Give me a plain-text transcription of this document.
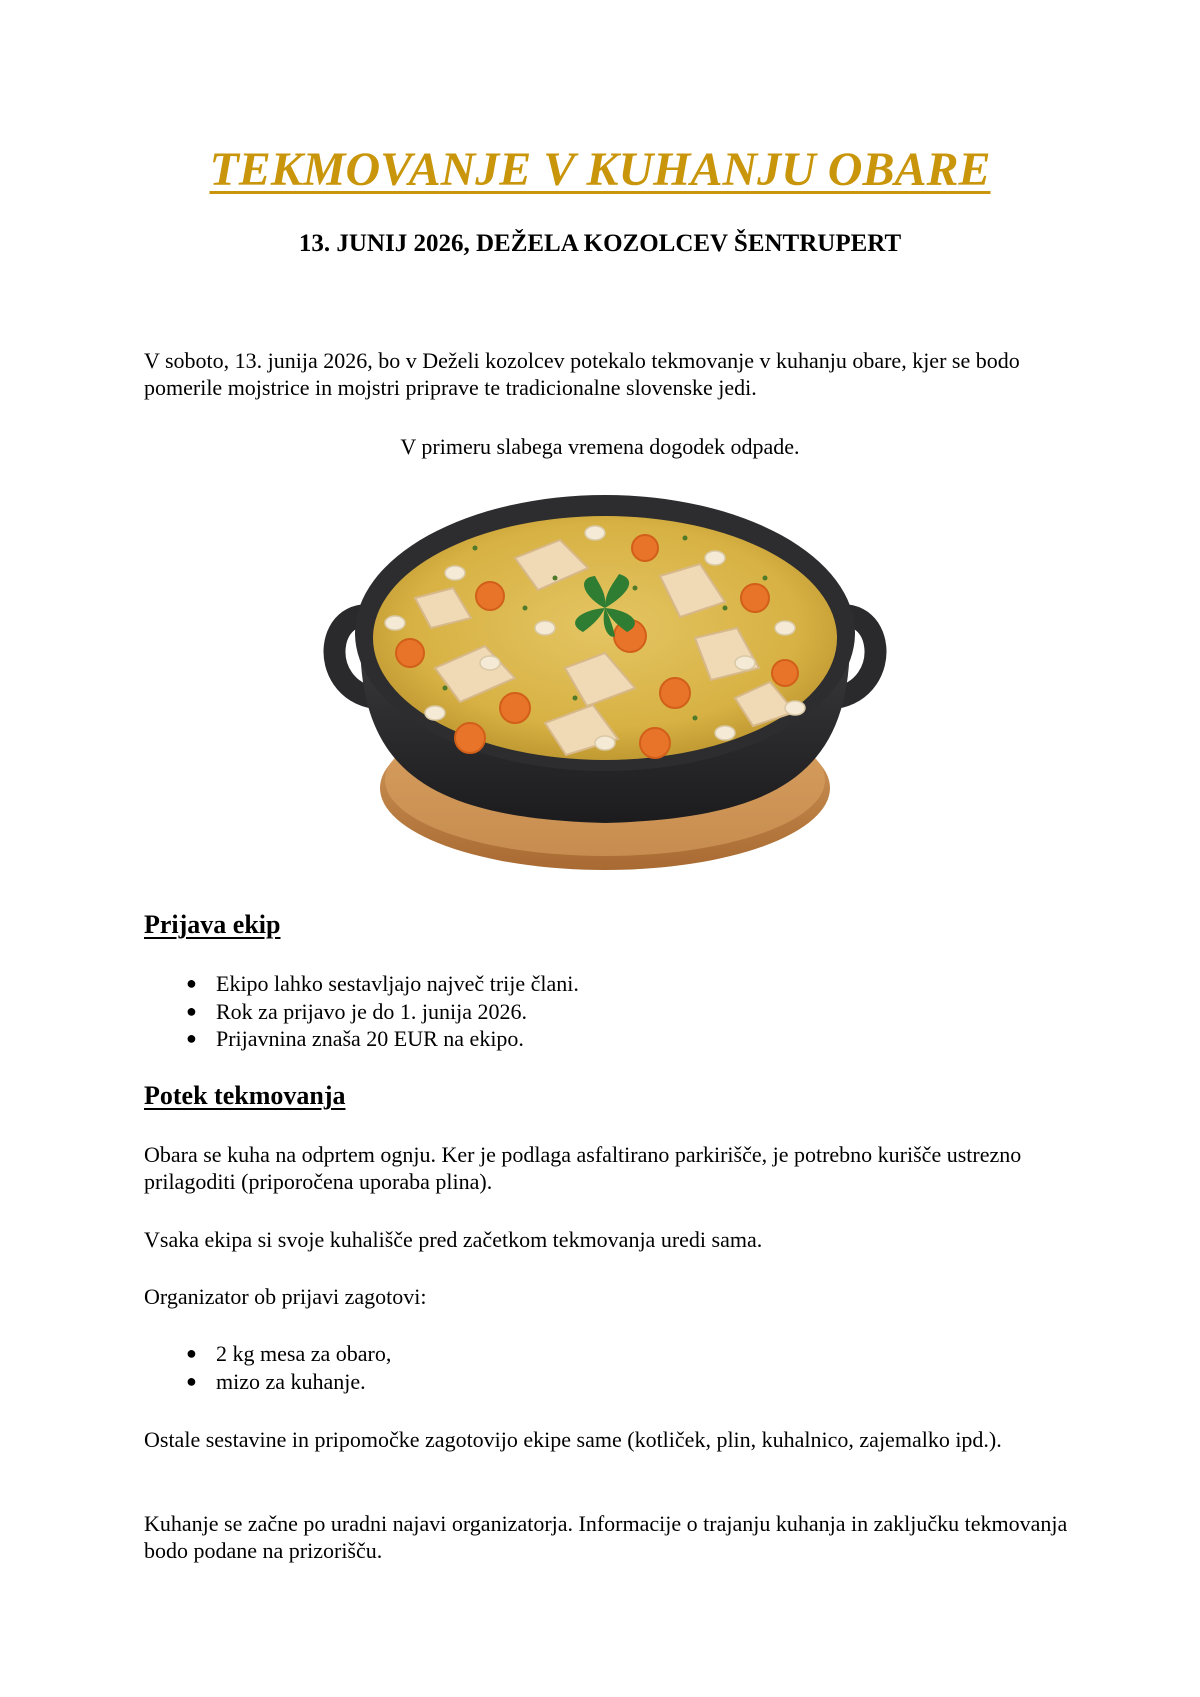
TEKMOVANJE V KUHANJU OBARE
13. JUNIJ 2026, DEŽELA KOZOLCEV ŠENTRUPERT

V soboto, 13. junija 2026, bo v Deželi kozolcev potekalo tekmovanje v kuhanju obare, kjer se bodo pomerile mojstrice in mojstri priprave te tradicionalne slovenske jedi.

V primeru slabega vremena dogodek odpade.

Prijava ekip
● Ekipo lahko sestavljajo največ trije člani.
● Rok za prijavo je do 1. junija 2026.
● Prijavnina znaša 20 EUR na ekipo.
Potek tekmovanja

Obara se kuha na odprtem ognju. Ker je podlaga asfaltirano parkirišče, je potrebno kurišče ustrezno prilagoditi (priporočena uporaba plina).

Vsaka ekipa si svoje kuhališče pred začetkom tekmovanja uredi sama.

Organizator ob prijavi zagotovi:

● 2 kg mesa za obaro,
● mizo za kuhanje.

Ostale sestavine in pripomočke zagotovijo ekipe same (kotliček, plin, kuhalnico, zajemalko ipd.).

Kuhanje se začne po uradni najavi organizatorja. Informacije o trajanju kuhanja in zaključku tekmovanja bodo podane na prizorišču.
